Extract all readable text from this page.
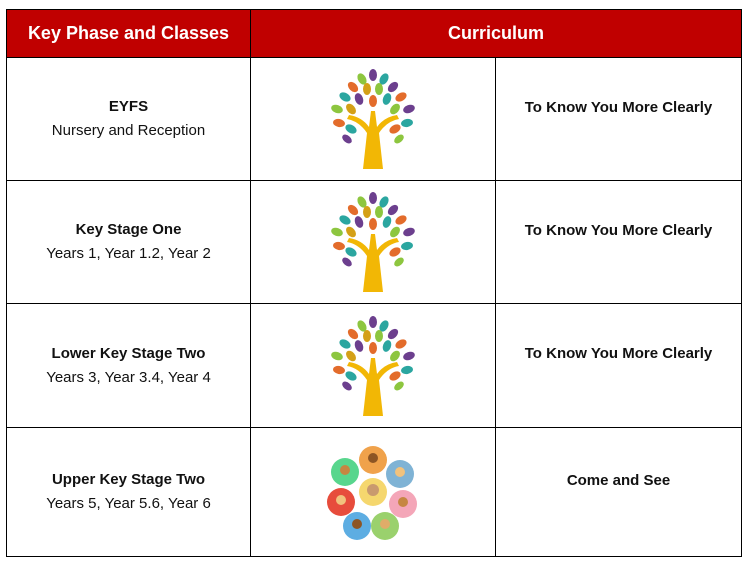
Key Phase and Classes	Curriculum	

EYFS
Nursery and Reception		To Know You More Clearly

Key Stage One
Years 1, Year 1.2, Year 2		To Know You More Clearly

Lower Key Stage Two
Years 3, Year 3.4, Year 4		To Know You More Clearly

Upper Key Stage Two
Years 5, Year 5.6, Year 6		Come and See
